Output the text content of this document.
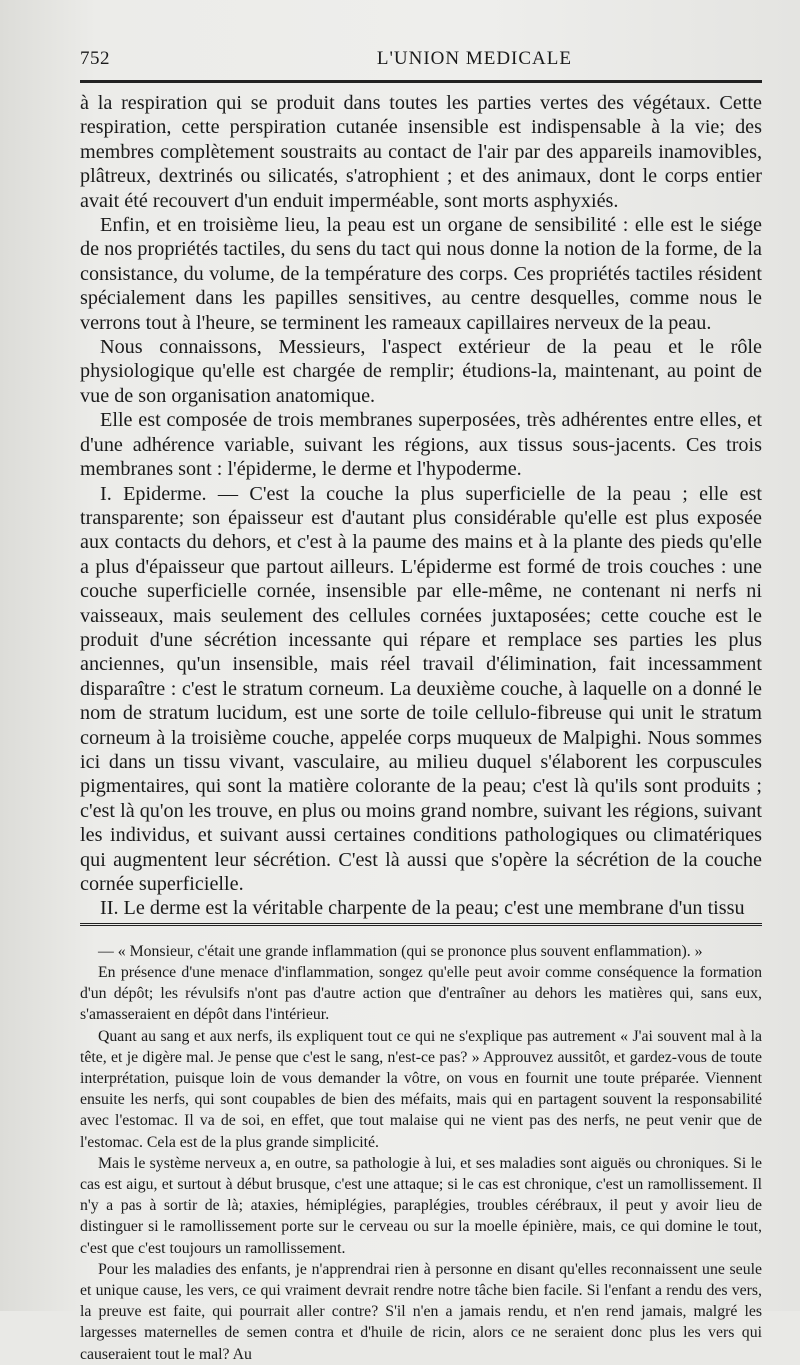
752	L'UNION MEDICALE

à la respiration qui se produit dans toutes les parties vertes des végétaux. Cette respiration, cette perspiration cutanée insensible est indispensable à la vie; des membres complètement soustraits au contact de l'air par des appareils inamovibles, plâtreux, dextrinés ou silicatés, s'atrophient ; et des animaux, dont le corps entier avait été recouvert d'un enduit imperméable, sont morts asphyxiés.

Enfin, et en troisième lieu, la peau est un organe de sensibilité : elle est le siége de nos propriétés tactiles, du sens du tact qui nous donne la notion de la forme, de la consistance, du volume, de la température des corps. Ces propriétés tactiles résident spécialement dans les papilles sensitives, au centre desquelles, comme nous le verrons tout à l'heure, se terminent les rameaux capillaires nerveux de la peau.

Nous connaissons, Messieurs, l'aspect extérieur de la peau et le rôle physiologique qu'elle est chargée de remplir; étudions-la, maintenant, au point de vue de son organisation anatomique.

Elle est composée de trois membranes superposées, très adhérentes entre elles, et d'une adhérence variable, suivant les régions, aux tissus sous-jacents. Ces trois membranes sont : l'épiderme, le derme et l'hypoderme.

I. Epiderme. — C'est la couche la plus superficielle de la peau ; elle est transparente; son épaisseur est d'autant plus considérable qu'elle est plus exposée aux contacts du dehors, et c'est à la paume des mains et à la plante des pieds qu'elle a plus d'épaisseur que partout ailleurs. L'épiderme est formé de trois couches : une couche superficielle cornée, insensible par elle-même, ne contenant ni nerfs ni vaisseaux, mais seulement des cellules cornées juxtaposées; cette couche est le produit d'une sécrétion incessante qui répare et remplace ses parties les plus anciennes, qu'un insensible, mais réel travail d'élimination, fait incessamment disparaître : c'est le stratum corneum. La deuxième couche, à laquelle on a donné le nom de stratum lucidum, est une sorte de toile cellulo-fibreuse qui unit le stratum corneum à la troisième couche, appelée corps muqueux de Malpighi. Nous sommes ici dans un tissu vivant, vasculaire, au milieu duquel s'élaborent les corpuscules pigmentaires, qui sont la matière colorante de la peau; c'est là qu'ils sont produits ; c'est là qu'on les trouve, en plus ou moins grand nombre, suivant les régions, suivant les individus, et suivant aussi certaines conditions pathologiques ou climatériques qui augmentent leur sécrétion. C'est là aussi que s'opère la sécrétion de la couche cornée superficielle.

II. Le derme est la véritable charpente de la peau; c'est une membrane d'un tissu

— « Monsieur, c'était une grande inflammation (qui se prononce plus souvent enflammation). »

En présence d'une menace d'inflammation, songez qu'elle peut avoir comme conséquence la formation d'un dépôt; les révulsifs n'ont pas d'autre action que d'entraîner au dehors les matières qui, sans eux, s'amasseraient en dépôt dans l'intérieur.

Quant au sang et aux nerfs, ils expliquent tout ce qui ne s'explique pas autrement « J'ai souvent mal à la tête, et je digère mal. Je pense que c'est le sang, n'est-ce pas? » Approuvez aussitôt, et gardez-vous de toute interprétation, puisque loin de vous demander la vôtre, on vous en fournit une toute préparée. Viennent ensuite les nerfs, qui sont coupables de bien des méfaits, mais qui en partagent souvent la responsabilité avec l'estomac. Il va de soi, en effet, que tout malaise qui ne vient pas des nerfs, ne peut venir que de l'estomac. Cela est de la plus grande simplicité.

Mais le système nerveux a, en outre, sa pathologie à lui, et ses maladies sont aiguës ou chroniques. Si le cas est aigu, et surtout à début brusque, c'est une attaque; si le cas est chronique, c'est un ramollissement. Il n'y a pas à sortir de là; ataxies, hémiplégies, paraplégies, troubles cérébraux, il peut y avoir lieu de distinguer si le ramollissement porte sur le cerveau ou sur la moelle épinière, mais, ce qui domine le tout, c'est que c'est toujours un ramollissement.

Pour les maladies des enfants, je n'apprendrai rien à personne en disant qu'elles reconnaissent une seule et unique cause, les vers, ce qui vraiment devrait rendre notre tâche bien facile. Si l'enfant a rendu des vers, la preuve est faite, qui pourrait aller contre? S'il n'en a jamais rendu, et n'en rend jamais, malgré les largesses maternelles de semen contra et d'huile de ricin, alors ce ne seraient donc plus les vers qui causeraient tout le mal? Au
